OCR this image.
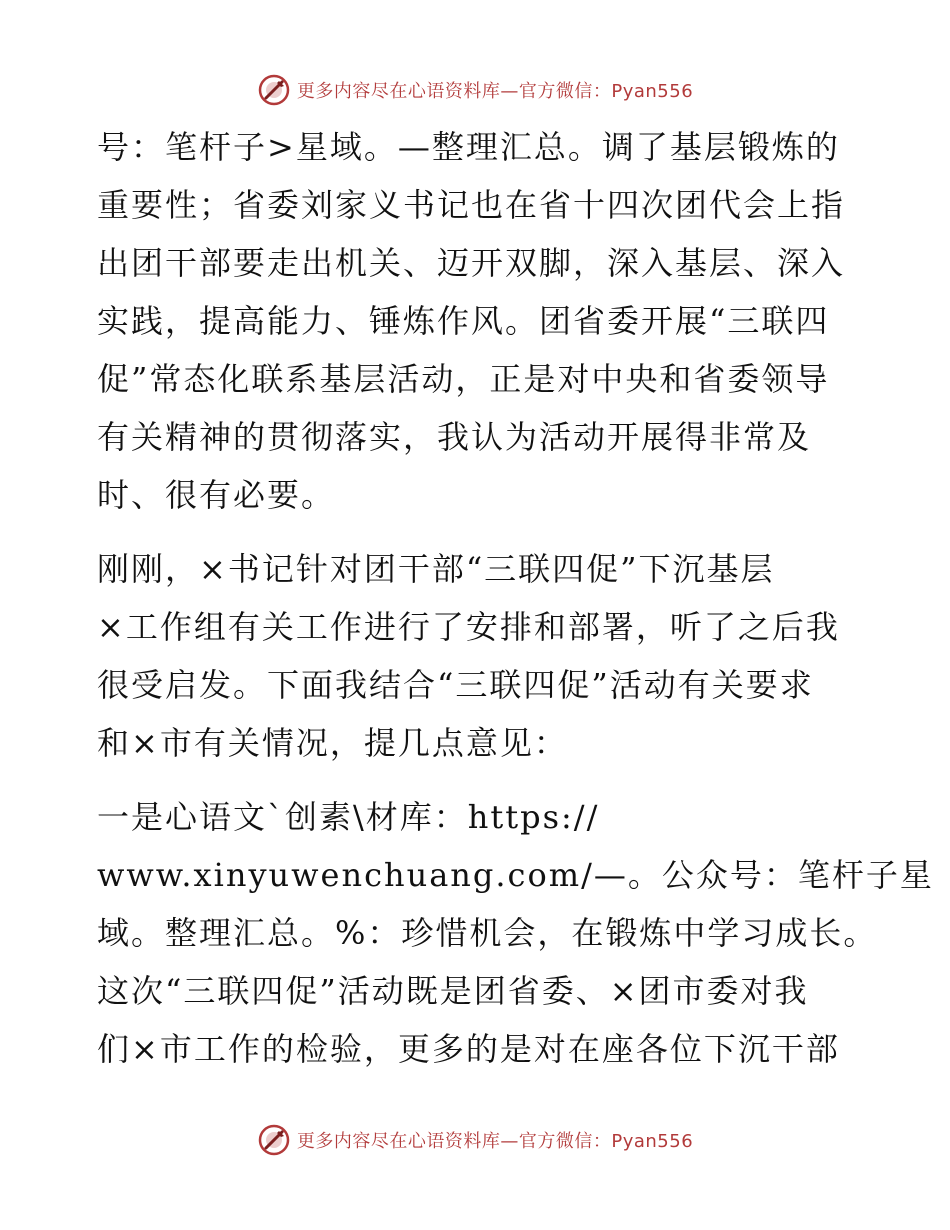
更多内容尽在心语资料库—官方微信：Pyan556

号：笔杆子>星域。—整理汇总。调了基层锻炼的
重要性；省委刘家义书记也在省十四次团代会上指
出团干部要走出机关、迈开双脚，深入基层、深入
实践，提高能力、锤炼作风。团省委开展“三联四
促”常态化联系基层活动，正是对中央和省委领导
有关精神的贯彻落实，我认为活动开展得非常及
时、很有必要。

刚刚，×书记针对团干部“三联四促”下沉基层
×工作组有关工作进行了安排和部署，听了之后我
很受启发。下面我结合“三联四促”活动有关要求
和×市有关情况，提几点意见：

一是心语文`创素\材库：https://
www.xinyuwenchuang.com/—。公众号：笔杆子星
域。整理汇总。%：珍惜机会，在锻炼中学习成长。
这次“三联四促”活动既是团省委、×团市委对我
们×市工作的检验，更多的是对在座各位下沉干部

更多内容尽在心语资料库—官方微信：Pyan556
